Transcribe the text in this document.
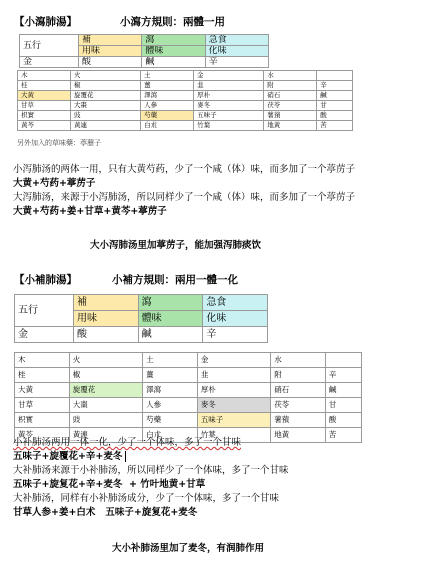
【小瀉肺湯】	小瀉方規則：兩體一用
五行	補	瀉	急食
	用味	體味	化味
金	酸	鹹	辛
木	火	土	金	水	
桂	椒	薑	韭	附	辛
大黃	旋覆花	澤瀉	厚朴	硝石	鹹
甘草	大棗	人參	麥冬	茯苓	甘
枳實	豉	芍藥	五味子	薯蕷	酸
黃芩	黃連	白朮	竹葉	地黃	苦
另外加入的草味藥：葶藶子
小泻肺汤的两体一用，只有大黄芍药，少了一个咸（体）味，而多加了一个葶苈子
大黄+芍药+葶苈子
大泻肺汤，来源于小泻肺汤，所以同样少了一个咸（体）味，而多加了一个葶苈子
大黄+芍药+姜+甘草+黄芩+葶苈子
大小泻肺汤里加葶苈子，能加强泻肺痰饮
【小補肺湯】	小補方規則：兩用一體一化
五行	補	瀉	急食
	用味	體味	化味
金	酸	鹹	辛
木	火	土	金	水	
桂	椒	薑	韭	附	辛
大黃	旋覆花	澤瀉	厚朴	硝石	鹹
甘草	大棗	人參	麥冬	茯苓	甘
枳實	豉	芍藥	五味子	薯蕷	酸
黃芩	黃連	白朮	竹葉	地黃	苦
小补肺汤两用一体一化，少了一个体味，多了一个甘味
五味子+旋覆花+辛+麦冬
大补肺汤来源于小补肺汤，所以同样少了一个体味，多了一个甘味
五味子+旋复花+辛+麦冬 + 竹叶地黄+甘草
大补肺汤，同样有小补肺汤成分，少了一个体味，多了一个甘味
甘草人参+姜+白术 五味子+旋复花+麦冬
大小补肺汤里加了麦冬，有润肺作用
